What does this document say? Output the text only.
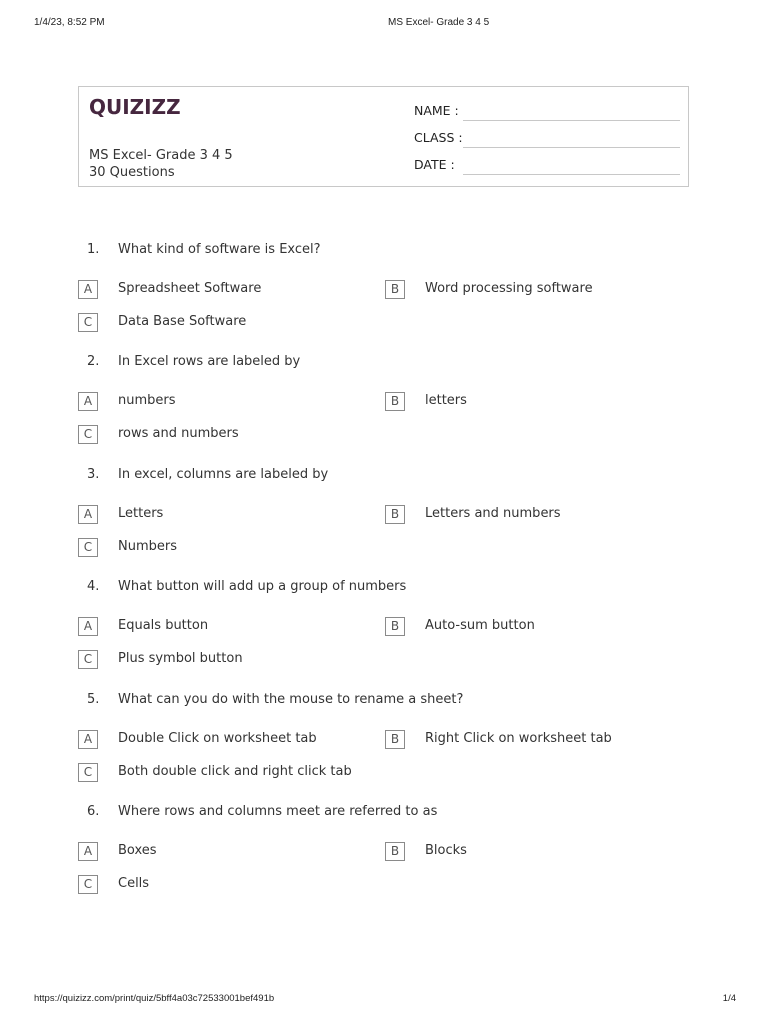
1/4/23, 8:52 PM	MS Excel- Grade 3 4 5
QUIZIZZ
MS Excel- Grade 3 4 5
30 Questions
NAME :
CLASS :
DATE :
1. What kind of software is Excel?
A	Spreadsheet Software	B	Word processing software
C	Data Base Software
2. In Excel rows are labeled by
A	numbers	B	letters
C	rows and numbers
3. In excel, columns are labeled by
A	Letters	B	Letters and numbers
C	Numbers
4. What button will add up a group of numbers
A	Equals button	B	Auto-sum button
C	Plus symbol button
5. What can you do with the mouse to rename a sheet?
A	Double Click on worksheet tab	B	Right Click on worksheet tab
C	Both double click and right click tab
6. Where rows and columns meet are referred to as
A	Boxes	B	Blocks
C	Cells
https://quizizz.com/print/quiz/5bff4a03c72533001bef491b	1/4
